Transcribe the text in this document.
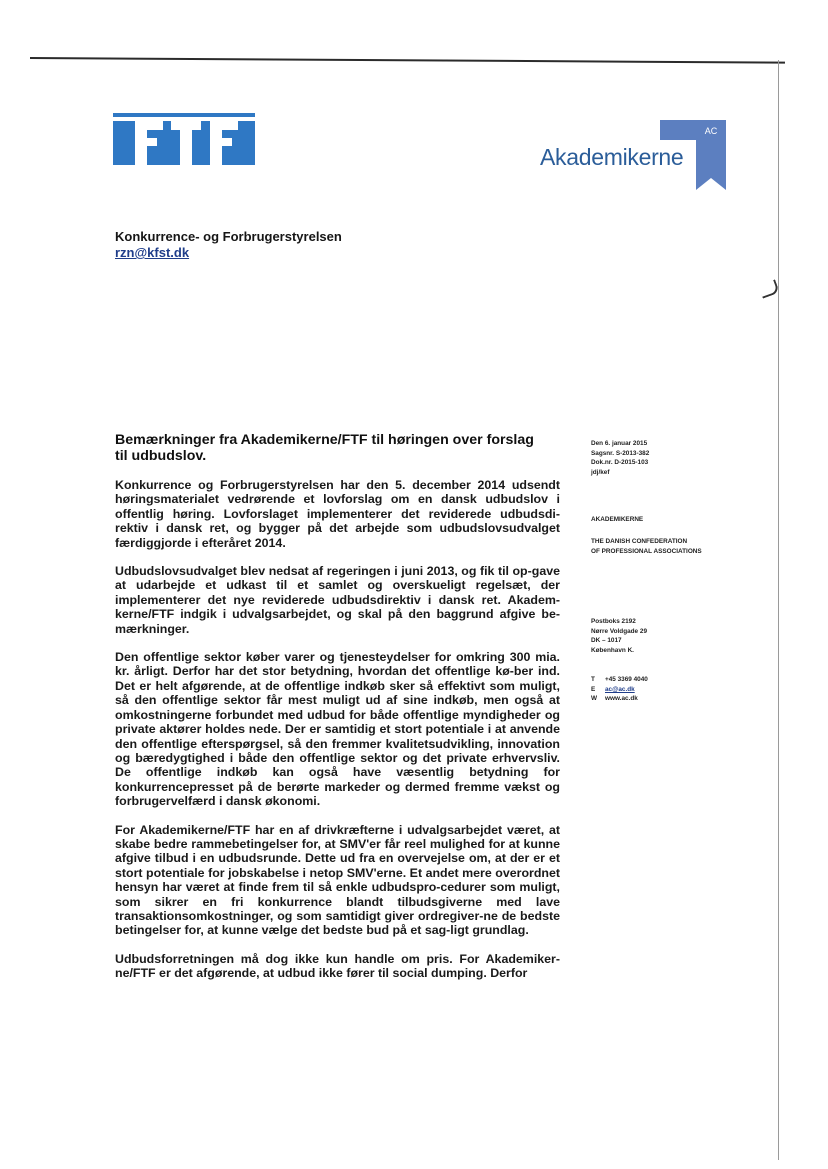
AC
Akademikerne
Konkurrence- og Forbrugerstyrelsen
rzn@kfst.dk
Bemærkninger fra Akademikerne/FTF til høringen over forslag til udbudslov.

Konkurrence og Forbrugerstyrelsen har den 5. december 2014 udsendt høringsmaterialet vedrørende et lovforslag om en dansk udbudslov i offentlig høring. Lovforslaget implementerer det reviderede udbudsdi-rektiv i dansk ret, og bygger på det arbejde som udbudslovsudvalget færdiggjorde i efteråret 2014.

Udbudslovsudvalget blev nedsat af regeringen i juni 2013, og fik til op-gave at udarbejde et udkast til et samlet og overskueligt regelsæt, der implementerer det nye reviderede udbudsdirektiv i dansk ret. Akadem-kerne/FTF indgik i udvalgsarbejdet, og skal på den baggrund afgive be-mærkninger.

Den offentlige sektor køber varer og tjenesteydelser for omkring 300 mia. kr. årligt. Derfor har det stor betydning, hvordan det offentlige kø-ber ind. Det er helt afgørende, at de offentlige indkøb sker så effektivt som muligt, så den offentlige sektor får mest muligt ud af sine indkøb, men også at omkostningerne forbundet med udbud for både offentlige myndigheder og private aktører holdes nede. Der er samtidig et stort potentiale i at anvende den offentlige efterspørgsel, så den fremmer kvalitetsudvikling, innovation og bæredygtighed i både den offentlige sektor og det private erhvervsliv. De offentlige indkøb kan også have væsentlig betydning for konkurrencepresset på de berørte markeder og dermed fremme vækst og forbrugervelfærd i dansk økonomi.

For Akademikerne/FTF har en af drivkræfterne i udvalgsarbejdet været, at skabe bedre rammebetingelser for, at SMV'er får reel mulighed for at kunne afgive tilbud i en udbudsrunde. Dette ud fra en overvejelse om, at der er et stort potentiale for jobskabelse i netop SMV'erne. Et andet mere overordnet hensyn har været at finde frem til så enkle udbudspro-cedurer som muligt, som sikrer en fri konkurrence blandt tilbudsgiverne med lave transaktionsomkostninger, og som samtidigt giver ordregiver-ne de bedste betingelser for, at kunne vælge det bedste bud på et sag-ligt grundlag.

Udbudsforretningen må dog ikke kun handle om pris. For Akademiker-ne/FTF er det afgørende, at udbud ikke fører til social dumping. Derfor

Den 6. januar 2015
Sagsnr. S-2013-382
Dok.nr. D-2015-103
jdj/kef
AKADEMIKERNE
THE DANISH CONFEDERATION
OF PROFESSIONAL ASSOCIATIONS
Postboks 2192
Nørre Voldgade 29
DK – 1017
København K.
T +45 3369 4040
E ac@ac.dk
W www.ac.dk
